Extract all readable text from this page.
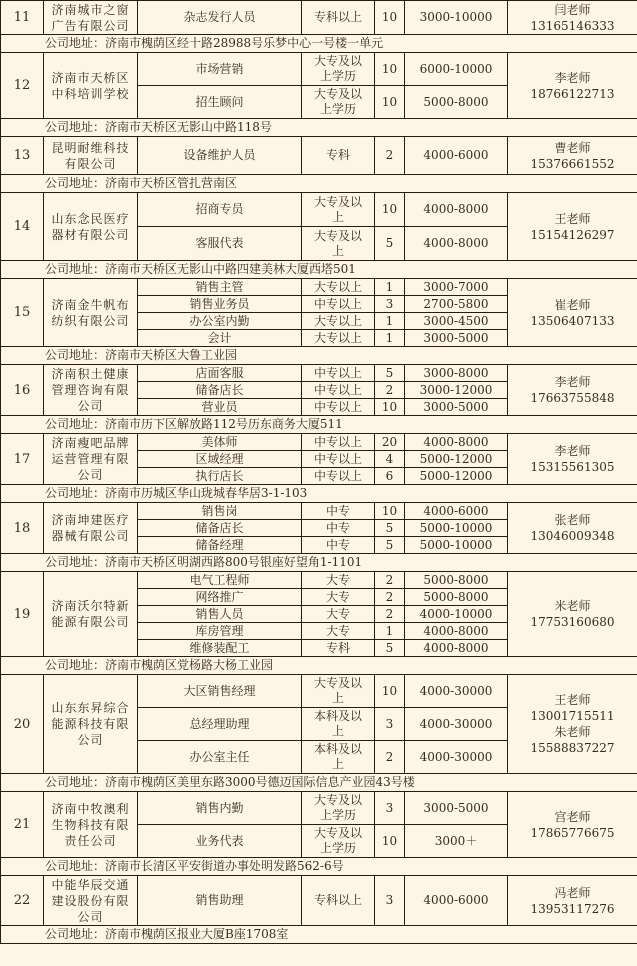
11	济南城市之窗
广告有限公司	杂志发行人员	专科以上	10	3000-10000	闫老师
13165146333

公司地址：济南市槐荫区经十路28988号乐梦中心一号楼一单元						

12	济南市天桥区
中科培训学校	市场营销	大专及以
上学历	10	6000-10000	李老师
18766122713

		招生顾问	大专及以
上学历	10	5000-8000	

公司地址：济南市天桥区无影山中路118号						

13	昆明耐维科技
有限公司	设备维护人员	专科	2	4000-6000	曹老师
15376661552

公司地址：济南市天桥区管扎营南区						

14	山东念民医疗
器材有限公司	招商专员	大专及以
上	10	4000-8000	王老师
15154126297

		客服代表	大专及以
上	5	4000-8000	

公司地址：济南市天桥区无影山中路四建美林大厦西塔501						

15	济南金牛帆布
纺织有限公司	销售主管	大专以上	1	3000-7000	崔老师
13506407133

		销售业务员	中专以上	3	2700-5800	

		办公室内勤	大专以上	1	3000-4500	

		会计	大专以上	1	3000-5000	

公司地址：济南市天桥区大鲁工业园						

16	济南积土健康
管理咨询有限
公司	店面客服	中专以上	5	3000-8000	李老师
17663755848

		储备店长	中专以上	2	3000-12000	

		营业员	中专以上	10	3000-5000	

公司地址：济南市历下区解放路112号历东商务大厦511						

17	济南瘦吧品牌
运营管理有限
公司	美体师	中专以上	20	4000-8000	李老师
15315561305

		区域经理	中专以上	4	5000-12000	

		执行店长	中专以上	6	5000-12000	

公司地址：济南市历城区华山珑城春华居3-1-103						

18	济南坤建医疗
器械有限公司	销售岗	中专	10	4000-6000	张老师
13046009348

		储备店长	中专	5	5000-10000	

		储备经理	中专	5	5000-10000	

公司地址：济南市天桥区明湖西路800号银座好望角1-1101						

19	济南沃尔特新
能源有限公司	电气工程师	大专	2	5000-8000	米老师
17753160680

		网络推广	大专	2	5000-8000	

		销售人员	大专	2	4000-10000	

		库房管理	大专	1	4000-8000	

		维修装配工	专科	5	4000-8000	

公司地址：济南市槐荫区党杨路大杨工业园						

20	山东东昇综合
能源科技有限
公司	大区销售经理	大专及以
上	10	4000-30000	王老师
13001715511
朱老师
15588837227

		总经理助理	本科及以
上	3	4000-30000	

		办公室主任	本科及以
上	2	4000-30000	

公司地址：济南市槐荫区美里东路3000号德迈国际信息产业园43号楼						

21	济南中牧澳利
生物科技有限
责任公司	销售内勤	大专及以
上学历	3	3000-5000	宫老师
17865776675

		业务代表	大专及以
上学历	10	3000＋	

公司地址：济南市长清区平安街道办事处明发路562-6号						

22	中能华辰交通
建设股份有限
公司	销售助理	专科以上	3	4000-6000	冯老师
13953117276

公司地址：济南市槐荫区报业大厦B座1708室						
